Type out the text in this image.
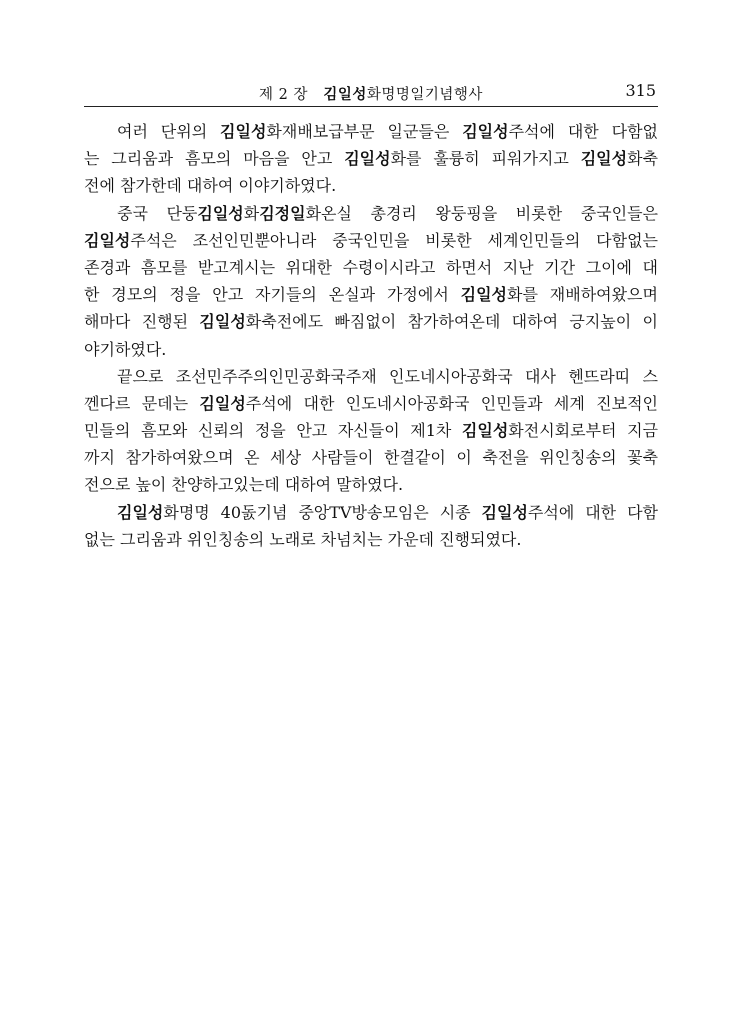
제 2 장 김일성화명명일기념행사	315
여러 단위의 김일성화재배보급부문 일군들은 김일성주석에 대한 다함없
는 그리움과 흠모의 마음을 안고 김일성화를 훌륭히 피워가지고 김일성화축
전에 참가한데 대하여 이야기하였다.
중국 단둥김일성화김정일화온실 총경리 왕둥핑을 비롯한 중국인들은
김일성주석은 조선인민뿐아니라 중국인민을 비롯한 세계인민들의 다함없는
존경과 흠모를 받고계시는 위대한 수령이시라고 하면서 지난 기간 그이에 대
한 경모의 정을 안고 자기들의 온실과 가정에서 김일성화를 재배하여왔으며
해마다 진행된 김일성화축전에도 빠짐없이 참가하여온데 대하여 긍지높이 이
야기하였다.
끝으로 조선민주주의인민공화국주재 인도네시아공화국 대사 헨뜨라띠 스
껜다르 문데는 김일성주석에 대한 인도네시아공화국 인민들과 세계 진보적인
민들의 흠모와 신뢰의 정을 안고 자신들이 제1차 김일성화전시회로부터 지금
까지 참가하여왔으며 온 세상 사람들이 한결같이 이 축전을 위인칭송의 꽃축
전으로 높이 찬양하고있는데 대하여 말하였다.
김일성화명명 40돐기념 중앙TV방송모임은 시종 김일성주석에 대한 다함
없는 그리움과 위인칭송의 노래로 차넘치는 가운데 진행되였다.
